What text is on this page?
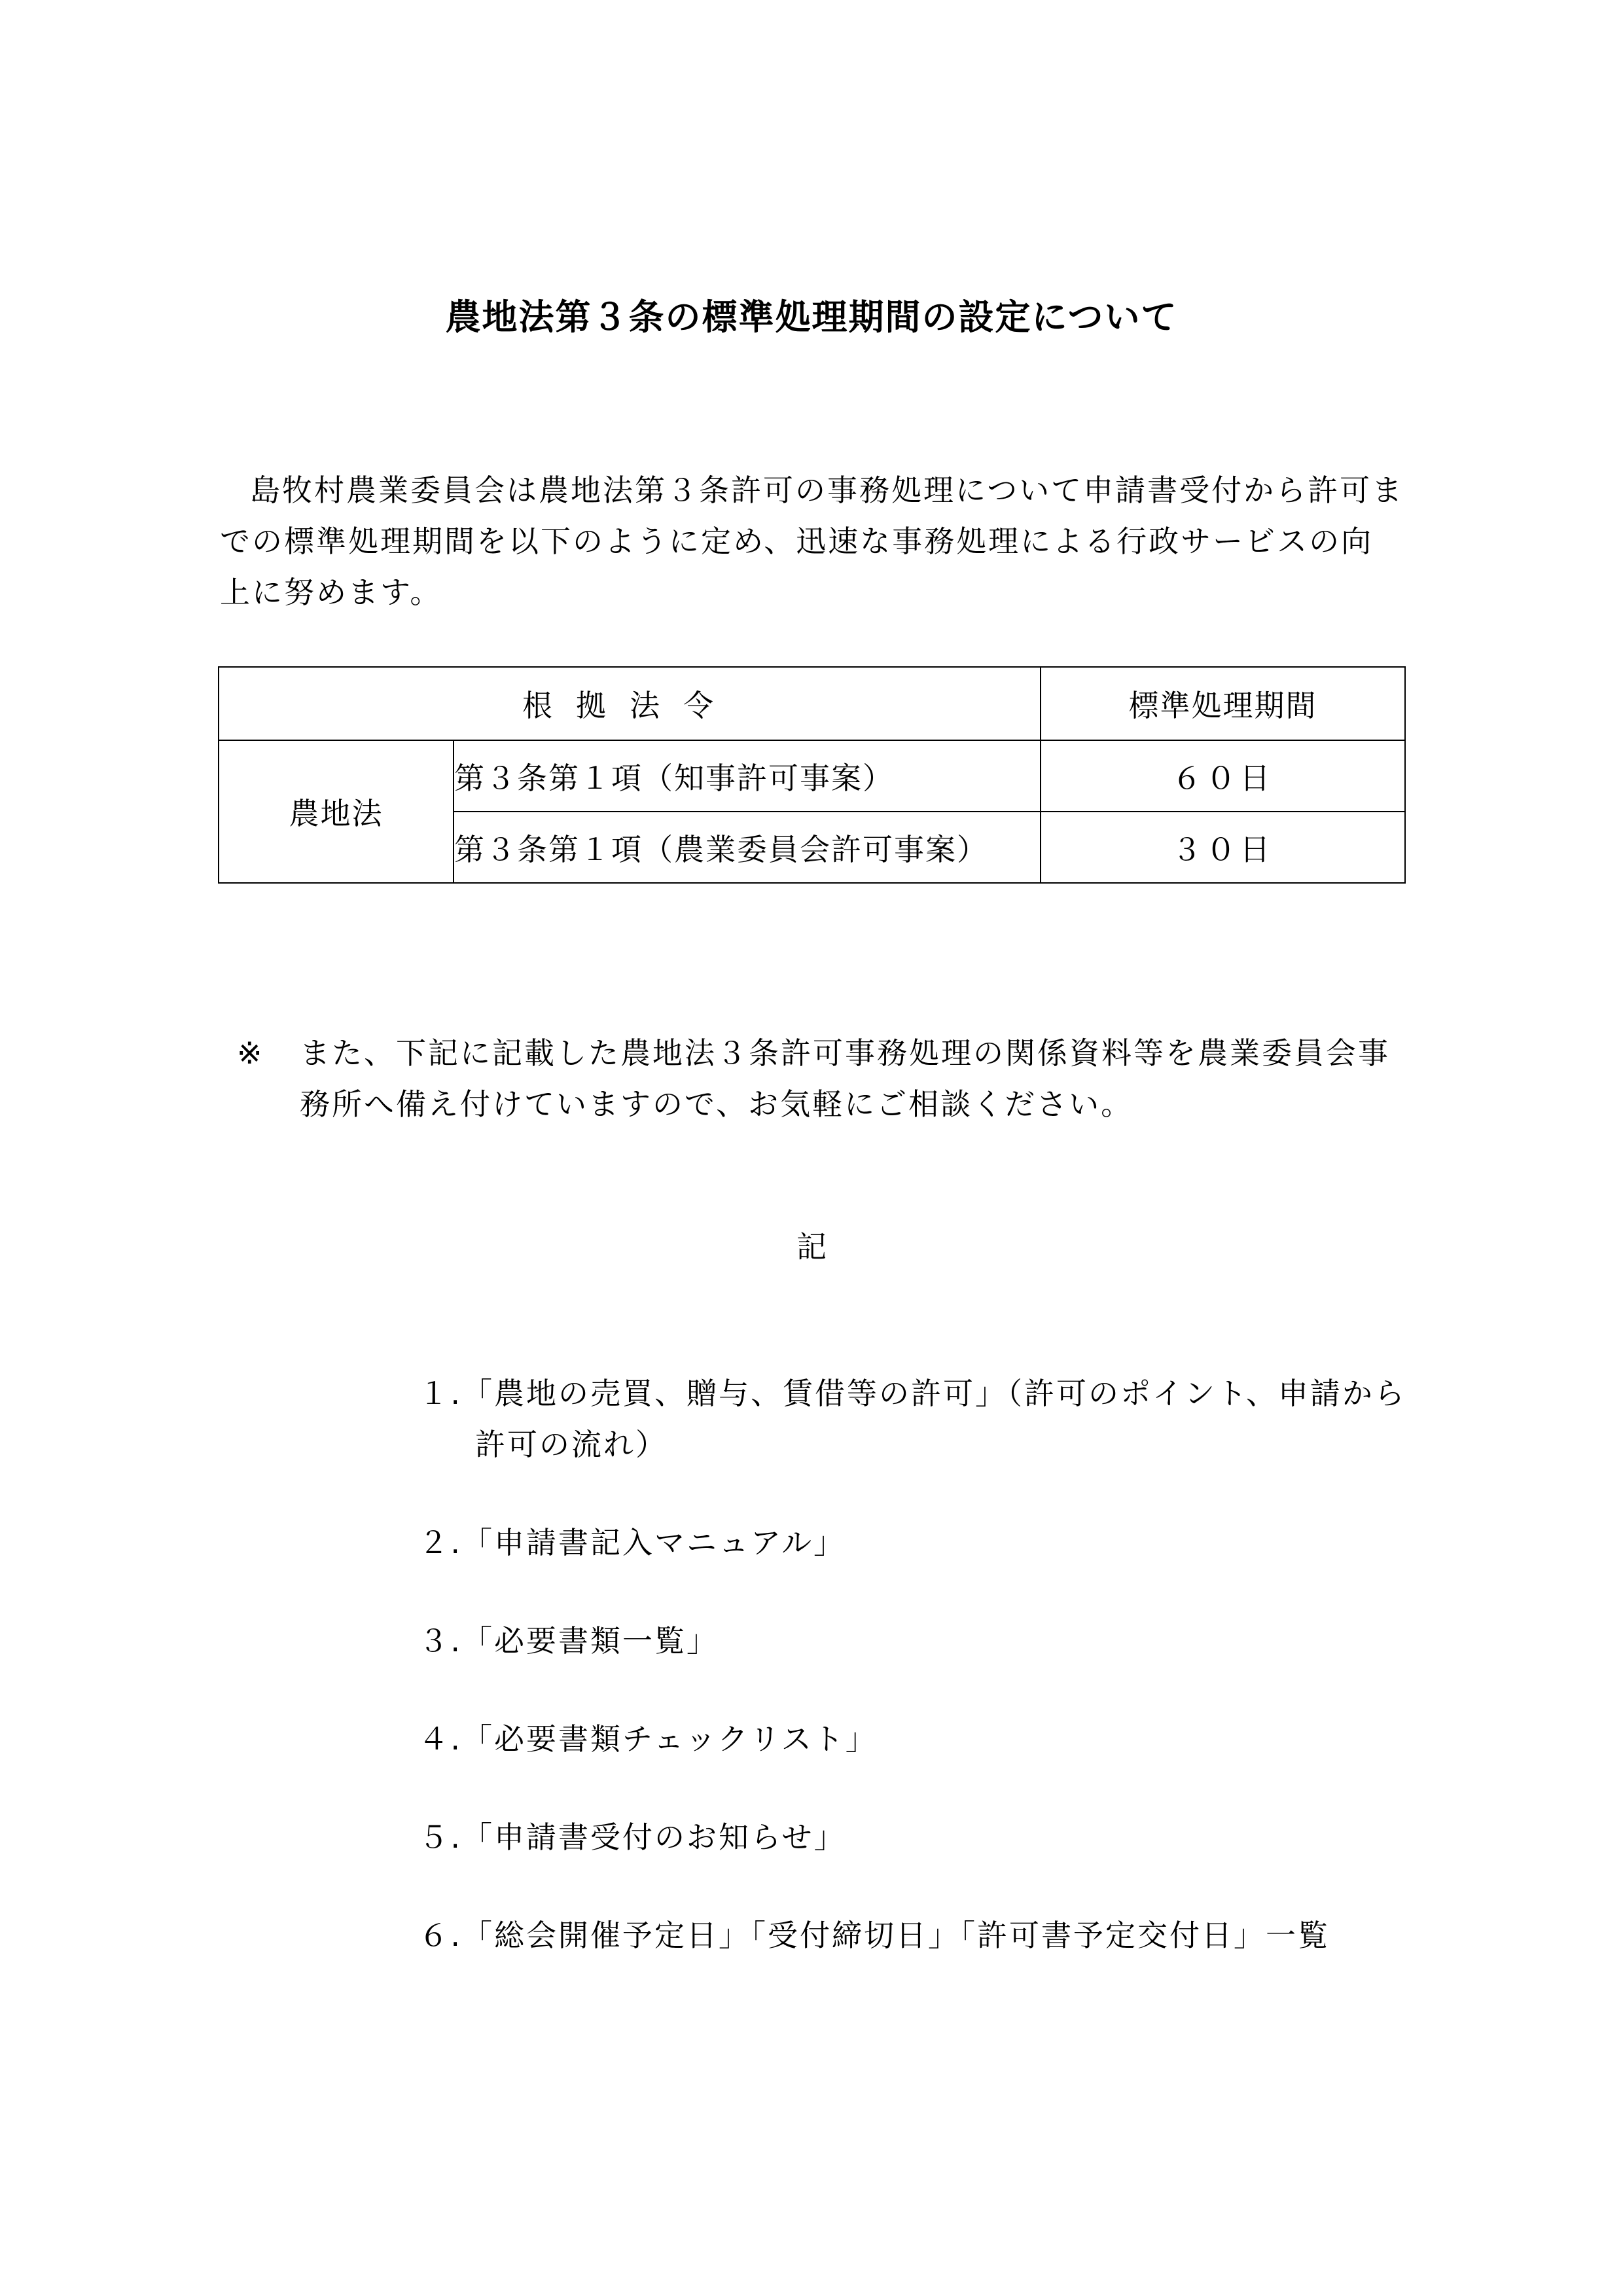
農地法第３条の標準処理期間の設定について

島牧村農業委員会は農地法第３条許可の事務処理について申請書受付から許可までの標準処理期間を以下のように定め、迅速な事務処理による行政サービスの向上に努めます。

根拠法令		標準処理期間
農地法	第３条第１項（知事許可事案）	６０日
	第３条第１項（農業委員会許可事案）	３０日
※	また、下記に記載した農地法３条許可事務処理の関係資料等を農業委員会事務所へ備え付けていますので、お気軽にご相談ください。
記
１. 「農地の売買、贈与、賃借等の許可」（許可のポイント、申請から許可の流れ）
２. 「申請書記入マニュアル」
３. 「必要書類一覧」
４. 「必要書類チェックリスト」
５. 「申請書受付のお知らせ」
６. 「総会開催予定日」「受付締切日」「許可書予定交付日」一覧
